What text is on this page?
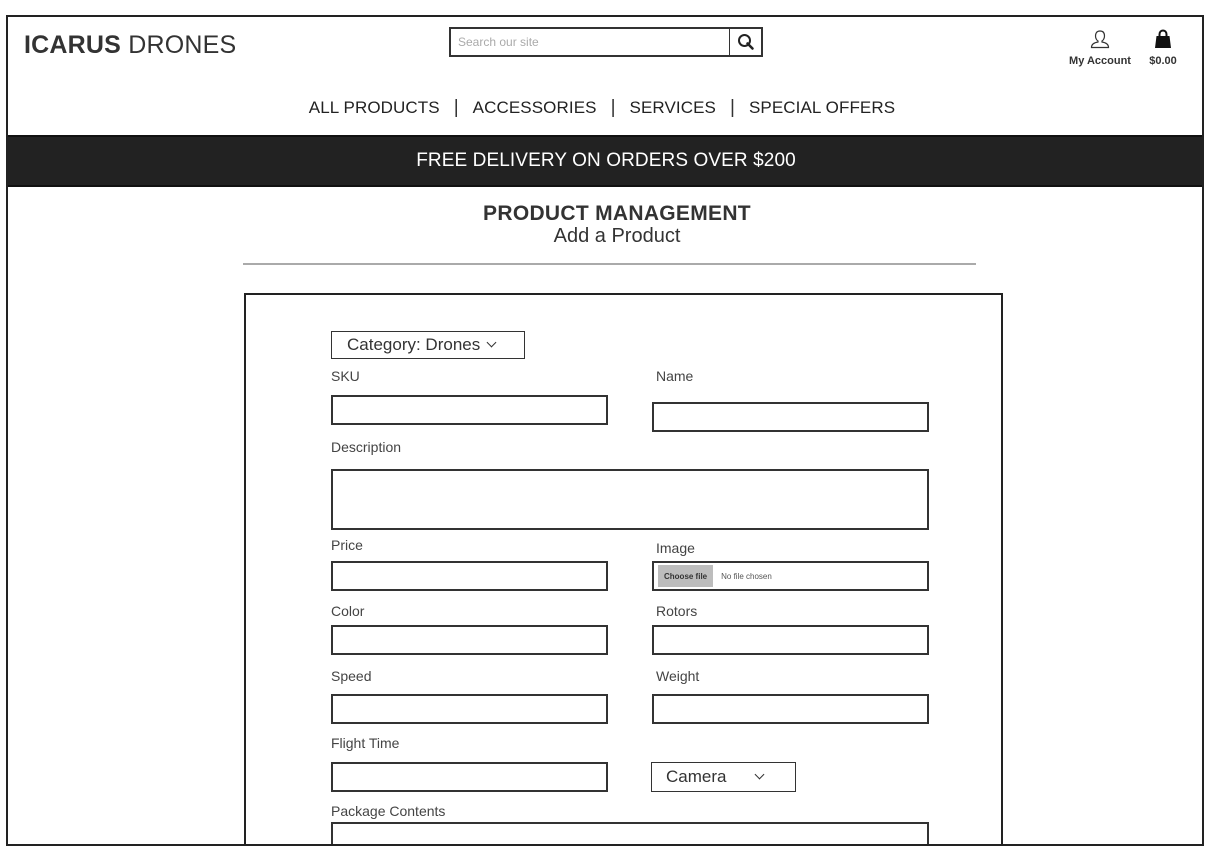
ICARUS DRONES
Search our site
My Account	$0.00
ALL PRODUCTS | ACCESSORIES | SERVICES | SPECIAL OFFERS
FREE DELIVERY ON ORDERS OVER $200
PRODUCT MANAGEMENT
Add a Product
Category: Drones
SKU	Name
Description
Price	Image
Choose file	No file chosen
Color	Rotors
Speed	Weight
Flight Time
Camera
Package Contents
